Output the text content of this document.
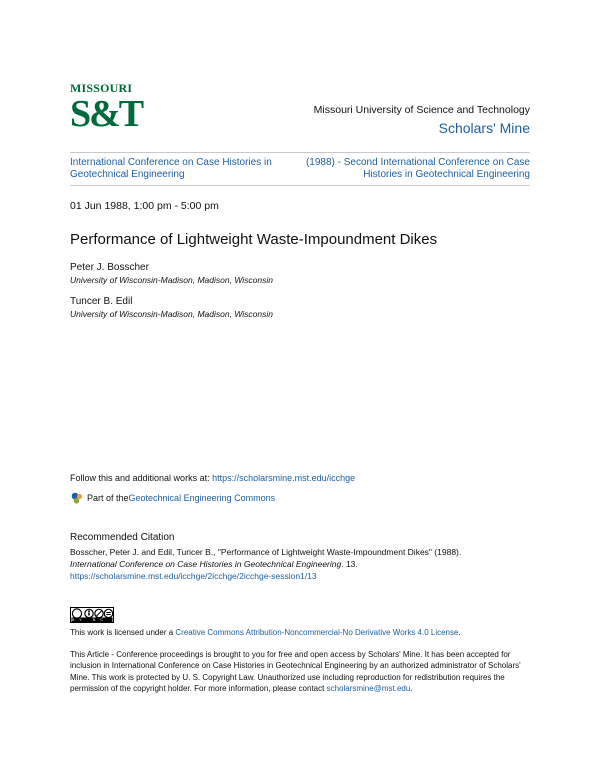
MISSOURI
S&T	Missouri University of Science and Technology
Scholars' Mine
International Conference on Case Histories in Geotechnical Engineering
(1988) - Second International Conference on Case Histories in Geotechnical Engineering
01 Jun 1988, 1:00 pm - 5:00 pm
Performance of Lightweight Waste-Impoundment Dikes
Peter J. Bosscher
University of Wisconsin-Madison, Madison, Wisconsin
Tuncer B. Edil
University of Wisconsin-Madison, Madison, Wisconsin
Follow this and additional works at: https://scholarsmine.mst.edu/icchge
Part of the Geotechnical Engineering Commons
Recommended Citation
Bosscher, Peter J. and Edil, Tuncer B., "Performance of Lightweight Waste-Impoundment Dikes" (1988).
International Conference on Case Histories in Geotechnical Engineering. 13.
https://scholarsmine.mst.edu/icchge/2icchge/2icchge-session1/13
BY NC ND
This work is licensed under a Creative Commons Attribution-Noncommercial-No Derivative Works 4.0 License.
This Article - Conference proceedings is brought to you for free and open access by Scholars' Mine. It has been accepted for inclusion in International Conference on Case Histories in Geotechnical Engineering by an authorized administrator of Scholars' Mine. This work is protected by U. S. Copyright Law. Unauthorized use including reproduction for redistribution requires the permission of the copyright holder. For more information, please contact scholarsmine@mst.edu.
